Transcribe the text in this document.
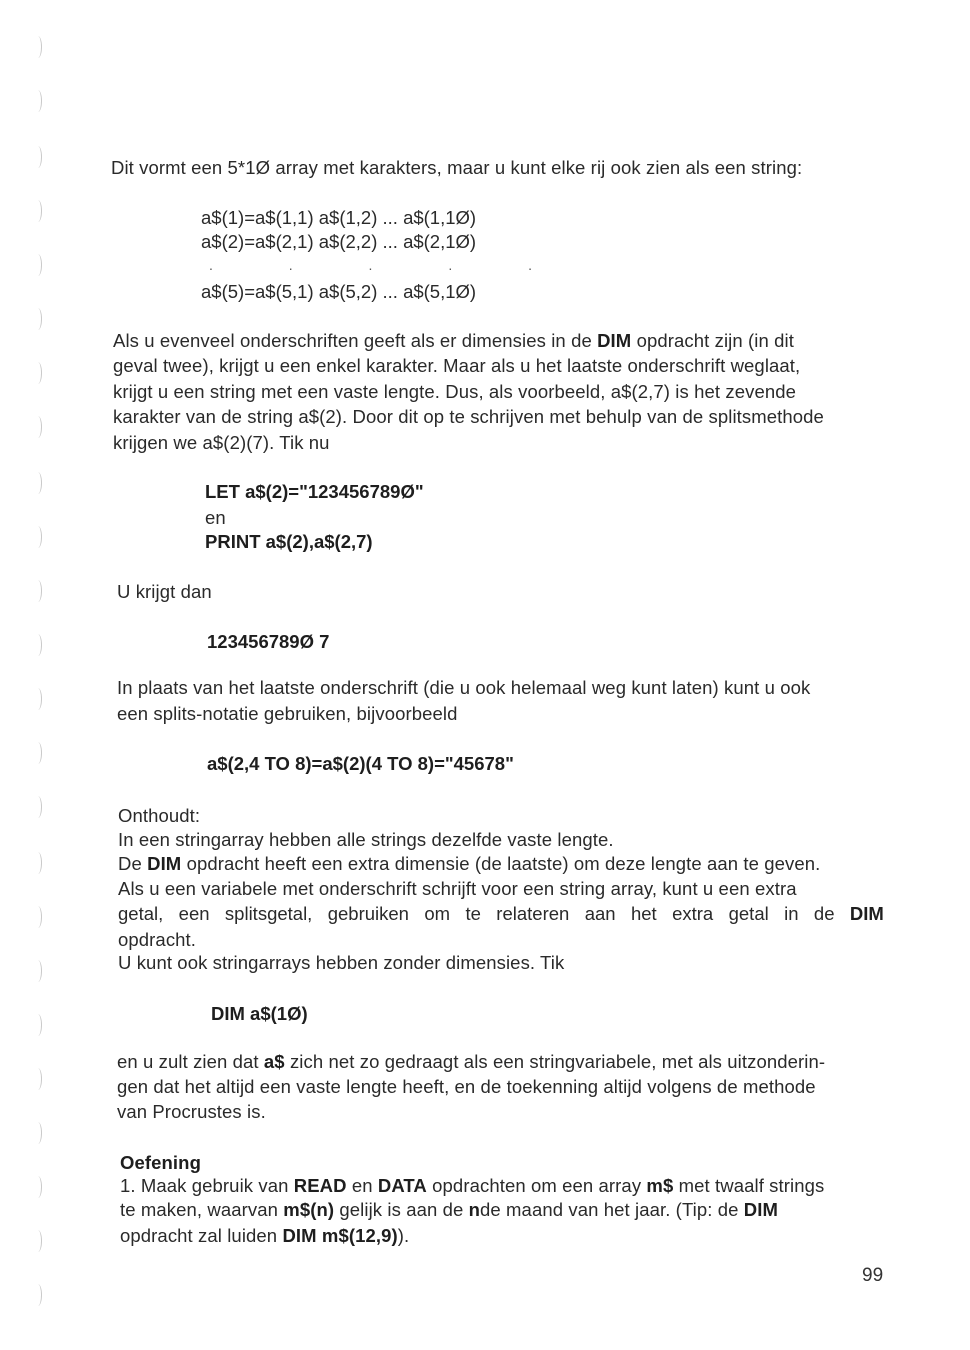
Dit vormt een 5*1Ø array met karakters, maar u kunt elke rij ook zien als een string:
a$(1)=a$(1,1) a$(1,2) ... a$(1,1Ø)
a$(2)=a$(2,1) a$(2,2) ... a$(2,1Ø)
. . . . .
a$(5)=a$(5,1) a$(5,2) ... a$(5,1Ø)
Als u evenveel onderschriften geeft als er dimensies in de DIM opdracht zijn (in dit
geval twee), krijgt u een enkel karakter. Maar als u het laatste onderschrift weglaat,
krijgt u een string met een vaste lengte. Dus, als voorbeeld, a$(2,7) is het zevende
karakter van de string a$(2). Door dit op te schrijven met behulp van de splitsmethode
krijgen we a$(2)(7). Tik nu
LET a$(2)="123456789Ø"
en
PRINT a$(2),a$(2,7)
U krijgt dan
123456789Ø 7
In plaats van het laatste onderschrift (die u ook helemaal weg kunt laten) kunt u ook
een splits-notatie gebruiken, bijvoorbeeld
a$(2,4 TO 8)=a$(2)(4 TO 8)="45678"
Onthoudt:
In een stringarray hebben alle strings dezelfde vaste lengte.
De DIM opdracht heeft een extra dimensie (de laatste) om deze lengte aan te geven.
Als u een variabele met onderschrift schrijft voor een string array, kunt u een extra
getal, een splitsgetal, gebruiken om te relateren aan het extra getal in de DIM
opdracht.
U kunt ook stringarrays hebben zonder dimensies. Tik
DIM a$(1Ø)
en u zult zien dat a$ zich net zo gedraagt als een stringvariabele, met als uitzonderin-
gen dat het altijd een vaste lengte heeft, en de toekenning altijd volgens de methode
van Procrustes is.
Oefening
1. Maak gebruik van READ en DATA opdrachten om een array m$ met twaalf strings
te maken, waarvan m$(n) gelijk is aan de nde maand van het jaar. (Tip: de DIM
opdracht zal luiden DIM m$(12,9)).
99
